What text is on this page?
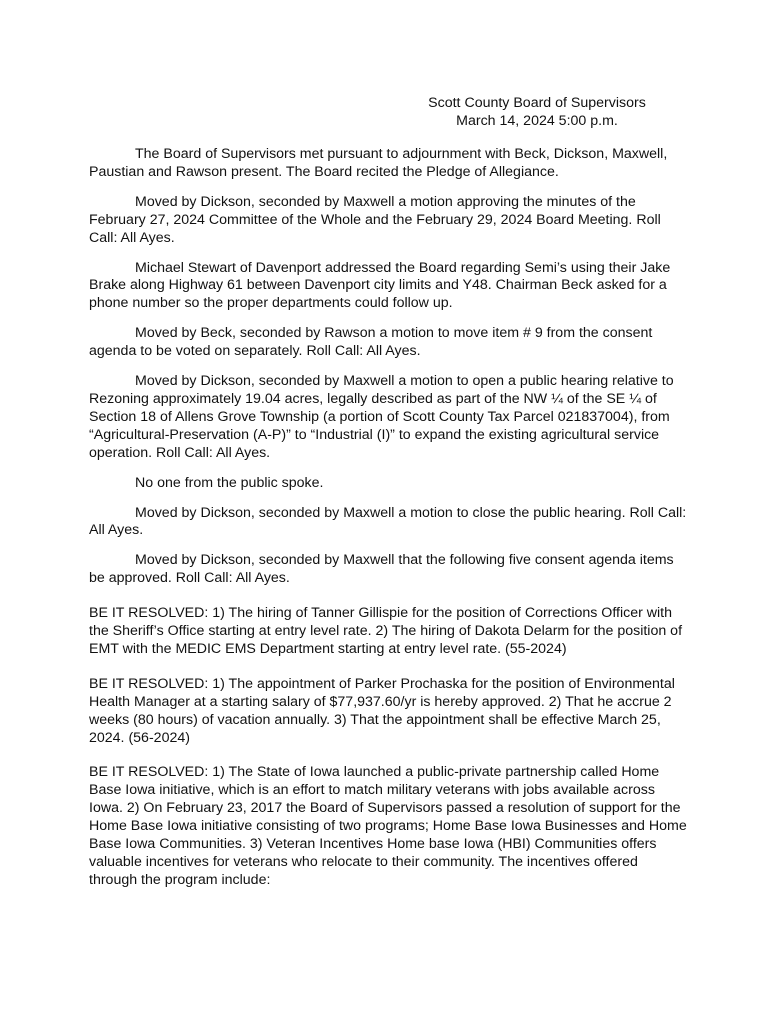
Scott County Board of Supervisors
March 14, 2024 5:00 p.m.

The Board of Supervisors met pursuant to adjournment with Beck, Dickson, Maxwell, Paustian and Rawson present. The Board recited the Pledge of Allegiance.

Moved by Dickson, seconded by Maxwell a motion approving the minutes of the February 27, 2024 Committee of the Whole and the February 29, 2024 Board Meeting. Roll Call: All Ayes.

Michael Stewart of Davenport addressed the Board regarding Semi’s using their Jake Brake along Highway 61 between Davenport city limits and Y48. Chairman Beck asked for a phone number so the proper departments could follow up.

Moved by Beck, seconded by Rawson a motion to move item # 9 from the consent agenda to be voted on separately. Roll Call: All Ayes.

Moved by Dickson, seconded by Maxwell a motion to open a public hearing relative to Rezoning approximately 19.04 acres, legally described as part of the NW ¼ of the SE ¼ of Section 18 of Allens Grove Township (a portion of Scott County Tax Parcel 021837004), from “Agricultural-Preservation (A-P)” to “Industrial (I)” to expand the existing agricultural service operation. Roll Call: All Ayes.

No one from the public spoke.

Moved by Dickson, seconded by Maxwell a motion to close the public hearing. Roll Call: All Ayes.

Moved by Dickson, seconded by Maxwell that the following five consent agenda items be approved. Roll Call: All Ayes.

BE IT RESOLVED: 1) The hiring of Tanner Gillispie for the position of Corrections Officer with the Sheriff’s Office starting at entry level rate. 2) The hiring of Dakota Delarm for the position of EMT with the MEDIC EMS Department starting at entry level rate. (55-2024)

BE IT RESOLVED: 1) The appointment of Parker Prochaska for the position of Environmental Health Manager at a starting salary of $77,937.60/yr is hereby approved. 2) That he accrue 2 weeks (80 hours) of vacation annually. 3) That the appointment shall be effective March 25, 2024. (56-2024)

BE IT RESOLVED: 1) The State of Iowa launched a public-private partnership called Home Base Iowa initiative, which is an effort to match military veterans with jobs available across Iowa. 2) On February 23, 2017 the Board of Supervisors passed a resolution of support for the Home Base Iowa initiative consisting of two programs; Home Base Iowa Businesses and Home Base Iowa Communities. 3) Veteran Incentives Home base Iowa (HBI) Communities offers valuable incentives for veterans who relocate to their community. The incentives offered through the program include:
